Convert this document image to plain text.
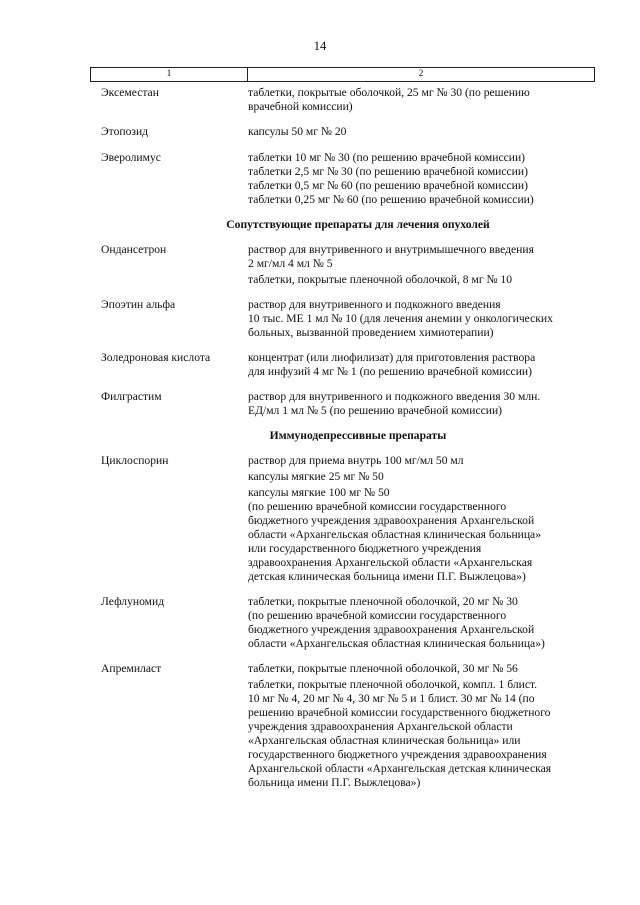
14
1	2
Эксеместан	таблетки, покрытые оболочкой, 25 мг № 30 (по решению
врачебной комиссии)
Этопозид	капсулы 50 мг № 20
Эверолимус	таблетки 10 мг № 30 (по решению врачебной комиссии)
таблетки 2,5 мг № 30 (по решению врачебной комиссии)
таблетки 0,5 мг № 60 (по решению врачебной комиссии)
таблетки 0,25 мг № 60 (по решению врачебной комиссии)
Сопутствующие препараты для лечения опухолей
Ондансетрон	раствор для внутривенного и внутримышечного введения
2 мг/мл 4 мл № 5
таблетки, покрытые пленочной оболочкой, 8 мг № 10
Эпоэтин альфа	раствор для внутривенного и подкожного введения
10 тыс. МЕ 1 мл № 10 (для лечения анемии у онкологических
больных, вызванной проведением химиотерапии)
Золедроновая кислота	концентрат (или лиофилизат) для приготовления раствора
для инфузий 4 мг № 1 (по решению врачебной комиссии)
Филграстим	раствор для внутривенного и подкожного введения 30 млн.
ЕД/мл 1 мл № 5 (по решению врачебной комиссии)
Иммунодепрессивные препараты
Циклоспорин	раствор для приема внутрь 100 мг/мл 50 мл
капсулы мягкие 25 мг № 50
капсулы мягкие 100 мг № 50
(по решению врачебной комиссии государственного
бюджетного учреждения здравоохранения Архангельской
области «Архангельская областная клиническая больница»
или государственного бюджетного учреждения
здравоохранения Архангельской области «Архангельская
детская клиническая больница имени П.Г. Выжлецова»)
Лефлуномид	таблетки, покрытые пленочной оболочкой, 20 мг № 30
(по решению врачебной комиссии государственного
бюджетного учреждения здравоохранения Архангельской
области «Архангельская областная клиническая больница»)
Апремиласт	таблетки, покрытые пленочной оболочкой, 30 мг № 56
таблетки, покрытые пленочной оболочкой, компл. 1 блист.
10 мг № 4, 20 мг № 4, 30 мг № 5 и 1 блист. 30 мг № 14 (по
решению врачебной комиссии государственного бюджетного
учреждения здравоохранения Архангельской области
«Архангельская областная клиническая больница» или
государственного бюджетного учреждения здравоохранения
Архангельской области «Архангельская детская клиническая
больница имени П.Г. Выжлецова»)
